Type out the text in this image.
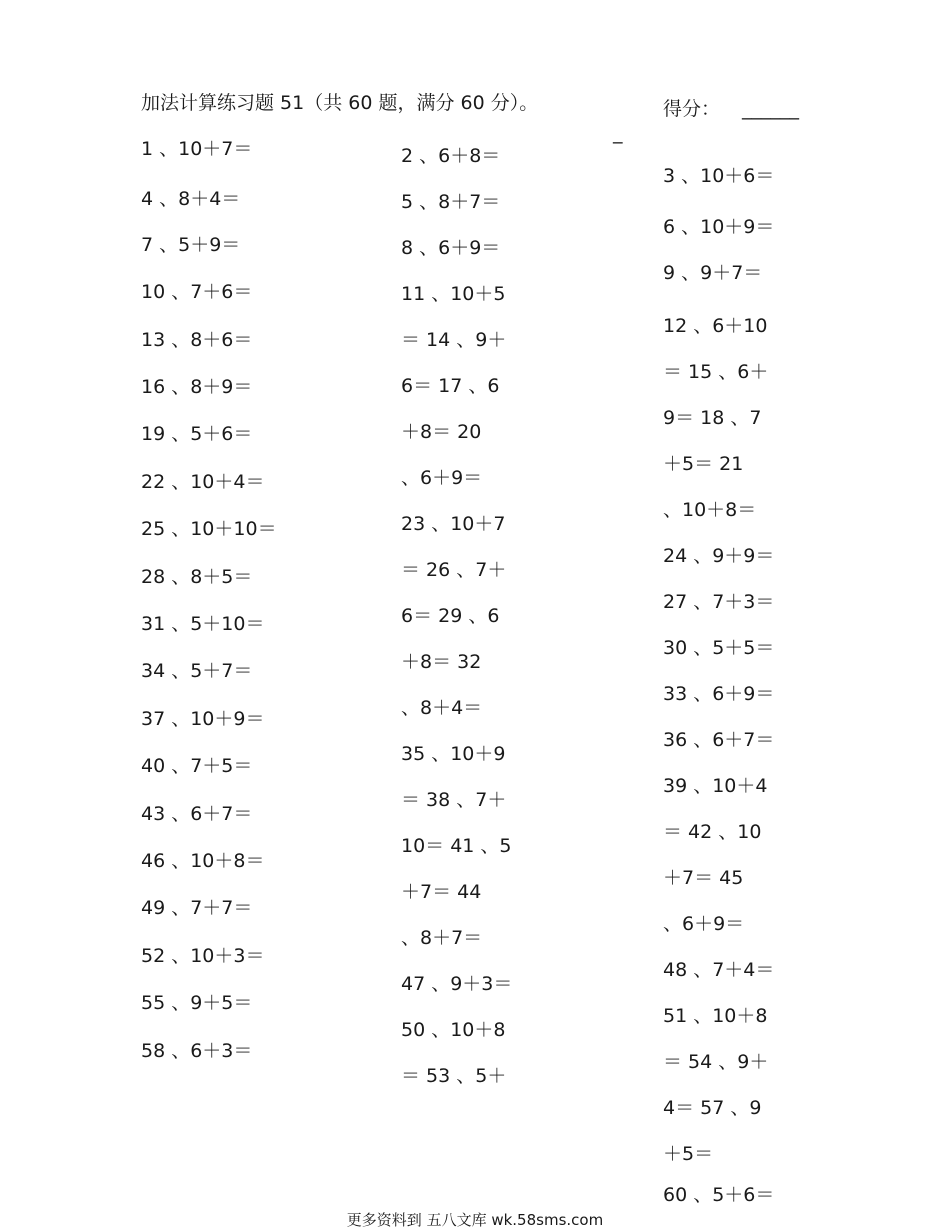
加法计算练习题 51（共 60 题，满分 60 分）。	得分： ______
_
1 、10＋7＝
4 、8＋4＝
7 、5＋9＝
10 、7＋6＝
13 、8＋6＝
16 、8＋9＝
19 、5＋6＝
22 、10＋4＝
25 、10＋10＝
28 、8＋5＝
31 、5＋10＝
34 、5＋7＝
37 、10＋9＝
40 、7＋5＝
43 、6＋7＝
46 、10＋8＝
49 、7＋7＝
52 、10＋3＝
55 、9＋5＝
58 、6＋3＝
2 、6＋8＝
5 、8＋7＝
8 、6＋9＝
11 、10＋5
＝ 14 、9＋
6＝ 17 、6
＋8＝ 20
、6＋9＝
23 、10＋7
＝ 26 、7＋
6＝ 29 、6
＋8＝ 32
、8＋4＝
35 、10＋9
＝ 38 、7＋
10＝ 41 、5
＋7＝ 44
、8＋7＝
47 、9＋3＝
50 、10＋8
＝ 53 、5＋
3 、10＋6＝
6 、10＋9＝
9 、9＋7＝
12 、6＋10
＝ 15 、6＋
9＝ 18 、7
＋5＝ 21
、10＋8＝
24 、9＋9＝
27 、7＋3＝
30 、5＋5＝
33 、6＋9＝
36 、6＋7＝
39 、10＋4
＝ 42 、10
＋7＝ 45
、6＋9＝
48 、7＋4＝
51 、10＋8
＝ 54 、9＋
4＝ 57 、9
＋5＝
60 、5＋6＝
更多资料到 五八文库 wk.58sms.com
